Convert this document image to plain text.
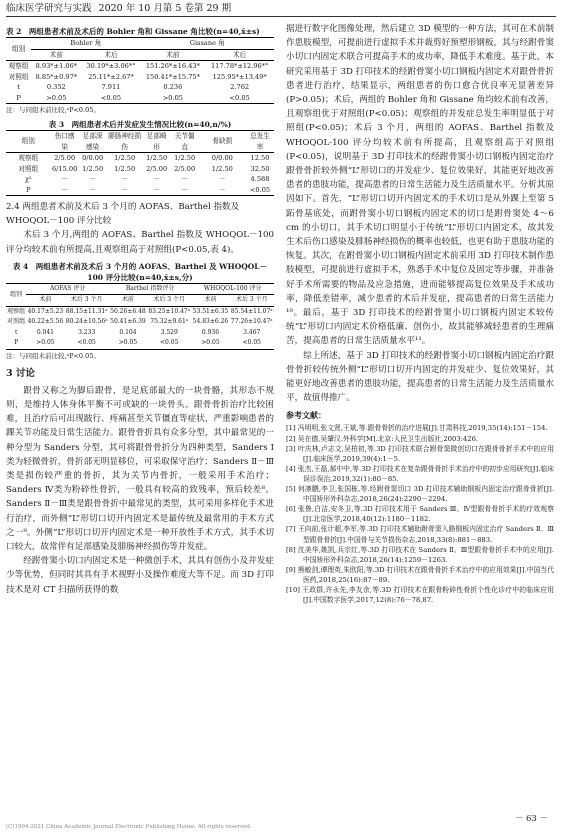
临床医学研究与实践 2020 年 10 月第 5 卷第 29 期

表 2　两组患者术前及术后的 Bohler 角和 Gissane 角比较(n=40,x̄±s)

组别	Bohler 角		Gissane 角	
	术前	术后	术前	术后
观察组	8.93*±1.06*	30.19*±3.06*°	151.26*±16.43*	117.78*±12.96*°
对照组	8.85*±0.97*	25.11*±2.67*	150.41*±15.75*	125.95*±13.49*
t	0.352	7.911	0.236	2.762
P	>0.05	<0.05	>0.05	<0.05

注：与同组术前比较,ᵃP<0.05。

表 3　两组患者术后并发症发生情况比较(n=40,n/%)

组别	伤口感染	足部深感染	腓肠神经损伤	足部畸形	关节僵直	骨缺损	总发生率
观察组	2/5.00	0/0.00	1/2.50	1/2.50	1/2.50	0/0.00	12.50
对照组	6/15.00	1/2.50	1/2.50	2/5.00	2/5.00	1/2.50	32.50
χ²	－	－	－	－	－	－	4.588
P	－	－	－	－	－	－	<0.05

2.4 两组患者术前及术后 3 个月的 AOFAS、Barthel 指数及 WHOQOL－100 评分比较

术后 3 个月,两组的 AOFAS、Barthel 指数及 WHOQOL－100 评分均较术前有所提高,且观察组高于对照组(P<0.05,表 4)。

表 4　两组患者术前及术后 3 个月的 AOFAS、Barthel 及 WHOQOL－100 评分比较(n=40,x̄±s,分)

组别	AOFAS 评分		Barthel 指数评分		WHOQOL-100 评分	
	术前	术后 3 个月	术前	术后 3 个月	术前	术后 3 个月
观察组	40.17±5.23	88.15±11.31ᵃ	50.26±6.48	83.25±10.47ᵃ	53.51±6.35	85.54±11.07ᵃ
对照组	40.22±5.56	80.24±10.56ᵃ	50.41±6.39	75.32±9.61ᵃ	54.83±6.26	77.26±10.47ᵃ
t	0.041	3.233	0.104	3.529	0.936	3.467
P	>0.05	<0.05	>0.05	<0.05	>0.05	<0.05

注：与同组术前比较,ᵃP<0.05。

3 讨论

跟骨又称之为脚后跟骨，是足底部最大的一块骨骼，其形态不规则，是维持人体身体平衡不可或缺的一块骨头。跟骨骨折治疗比较困难，且治疗后可出现跛行、疼痛甚至关节僵直等症状，严重影响患者的踝关节功能及日常生活能力。跟骨骨折具有众多分型，其中最常见的一种分型为 Sanders 分型，其可将跟骨骨折分为四种类型，Sanders Ⅰ类为轻微骨折，骨折部无明显移位，可采取保守治疗；Sanders Ⅱ－Ⅲ类是损伤较严重的骨折，其为关节内骨折，一般采用手术治疗；Sanders Ⅳ类为粉碎性骨折，一般具有较高的致残率，预后较差⁸。Sanders Ⅱ－Ⅲ类是跟骨骨折中最常见的类型，其可采用多样化手术进行治疗，而外侧“L”形切口切开内固定术是最传统及最常用的手术方式之一⁹。外侧“L”形切口切开内固定术是一种开放性手术方式，其手术切口较大，故常伴有足部感染及腓肠神经损伤等并发症。

经跗骨窦小切口内固定术是一种微创手术，其具有创伤小及并发症少等优势，但同时其具有手术视野小及操作难度大等不足。而 3D 打印技术是对 CT 扫描所获得的数

据进行数字化图像处理，然后建立 3D 模型的一种方法，其可在术前制作患肢模型，可提前进行虚拟手术并裁剪好预塑形钢板，其与经跗骨窦小切口内固定术联合可提高手术的成功率，降低手术难度。基于此，本研究采用基于 3D 打印技术的经跗骨窦小切口钢板内固定术对跟骨骨折患者进行治疗，结果显示，两组患者的伤口愈合优良率无显著差异(P>0.05)；术后，两组的 Bohler 角和 Gissane 角均较术前有改善，且观察组优于对照组(P<0.05)；观察组的并发症总发生率明显低于对照组(P<0.05)；术后 3 个月，两组的 AOFAS、Barthel 指数及 WHOQOL-100 评分均较术前有所提高，且观察组高于对照组(P<0.05)，说明基于 3D 打印技术的经跗骨窦小切口钢板内固定治疗跟骨骨折较外侧“L”形切口的并发症少、复位效果好，其能更好地改善患者的患肢功能，提高患者的日常生活能力及生活质量水平。分析其原因如下。首先，“L”形切口切开内固定术的手术切口是从外踝上至第 5 跖骨基底处，而跗骨窦小切口钢板内固定术的切口是跗骨窦处 4～6 cm 的小切口，其手术切口明显小于传统“L”形切口内固定术，故其发生术后伤口感染及腓肠神经损伤的概率也较低，也更有助于患肢功能的恢复。其次，在跗骨窦小切口钢板内固定术前采用 3D 打印技术制作患肢模型，可提前进行虚拟手术，熟悉手术中复位及固定等步骤，并准备好手术所需要的物品及应急措施，进而能够提高复位效果及手术成功率，降低差错率，减少患者的术后并发症，提高患者的日常生活能力¹⁰。最后，基于 3D 打印技术的经跗骨窦小切口钢板内固定术较传统“L”形切口内固定术价格低廉、创伤小，故其能够减轻患者的生理痛苦，提高患者的日常生活质量水平¹¹。

综上所述，基于 3D 打印技术的经跗骨窦小切口钢板内固定治疗跟骨骨折较传统外侧“L”形切口切开内固定的并发症少、复位效果好，其能更好地改善患者的患肢功能，提高患者的日常生活能力及生活质量水平，故值得推广。

参考文献：

[1] 冯明明,张文贤,王斌,等.跟骨骨折的治疗进展[J].甘肃科技,2019,35(14):151－154.

[2] 吴在德,吴肇汉.外科学[M].北京:人民卫生出版社,2003:426.

[3] 叶庆林,卢志文,吴柏初,等.3D 打印技术联合跗骨窦微创切口在跟骨骨折手术中的应用[J].临床医学,2019,39(4):1－5.

[4] 张杰,王磊,郝中中,等.3D 打印技术在复杂跟骨骨折手术治疗中的初步应用研究[J].临床误诊误治,2019,32(1):80－85.

[5] 何凛鹏,李卫,张国栋,等.经跗骨窦切口 3D 打印技术辅助钢板内固定治疗跟骨骨折[J].中国矫形外科杂志,2018,26(24):2290－2294.

[6] 张鲁,白洁,安冬卫,等.3D 打印技术用于 Sanders Ⅲ、Ⅳ型跟骨骨折手术的疗效观察[J].北京医学,2018,40(12):1180－1182.

[7] 王向前,张计超,李军,等.3D 打印技术辅助跗骨窦入路钢板内固定治疗 Sanders Ⅱ、Ⅲ型跟骨骨折[J].中国骨与关节损伤杂志,2018,33(8):881－883.

[8] 沈美华,姚凯,兵宗红,等.3D 打印技术在 Sanders Ⅱ、Ⅲ型跟骨骨折手术中的应用[J].中国矫形外科杂志,2018,26(14):1259－1263.

[9] 熊敏剑,谭理英,朱欧阳,等.3D 打印技术在跟骨骨折手术治疗中的应用效果[J].中国当代医药,2018,25(16):87－89.

[10] 王政群,许永先,李友余,等.3D 打印技术在跟骨粉碎性骨折个性化诊疗中的临床应用[J].中国数字医学,2017,12(8):76－78,87.

－ 63 －
(C)1994-2021 China Academic Journal Electronic Publishing House. All rights reserved.
